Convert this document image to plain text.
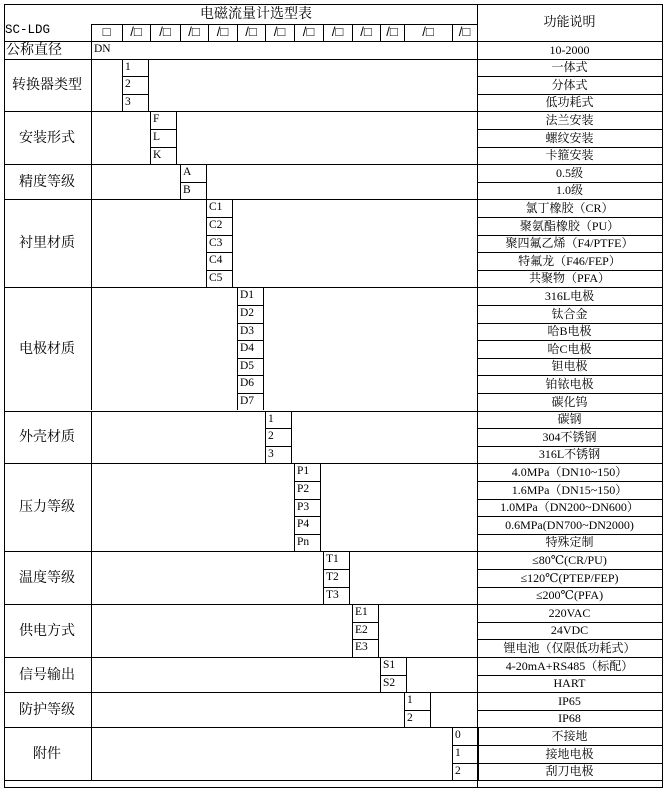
电磁流量计选型表
功能说明
SC-LDG	□	/□	/□	/□	/□	/□	/□	/□	/□	/□	/□	/□	/□
公称直径	DN	10-2000
转换器类型
1	一体式
2	分体式
3	低功耗式
安装形式
F	法兰安装
L	螺纹安装
K	卡箍安装
精度等级
A	0.5级
B	1.0级
衬里材质
C1	氯丁橡胶（CR）
C2	聚氨酯橡胶（PU）
C3	聚四氟乙烯（F4/PTFE）
C4	特氟龙（F46/FEP）
C5	共聚物（PFA）
电极材质
D1	316L电极
D2	钛合金
D3	哈B电极
D4	哈C电极
D5	钽电极
D6	铂铱电极
D7	碳化钨
外壳材质
1	碳钢
2	304不锈钢
3	316L不锈钢
压力等级
P1	4.0MPa（DN10~150）
P2	1.6MPa（DN15~150）
P3	1.0MPa（DN200~DN600）
P4	0.6MPa(DN700~DN2000)
Pn	特殊定制
温度等级
T1	≤80℃(CR/PU)
T2	≤120℃(PTEP/FEP)
T3	≤200℃(PFA)
供电方式
E1	220VAC
E2	24VDC
E3	锂电池（仅限低功耗式）
信号输出
S1	4-20mA+RS485（标配）
S2	HART
防护等级
1	IP65
2	IP68
附件
0	不接地
1	接地电极
2	刮刀电极
